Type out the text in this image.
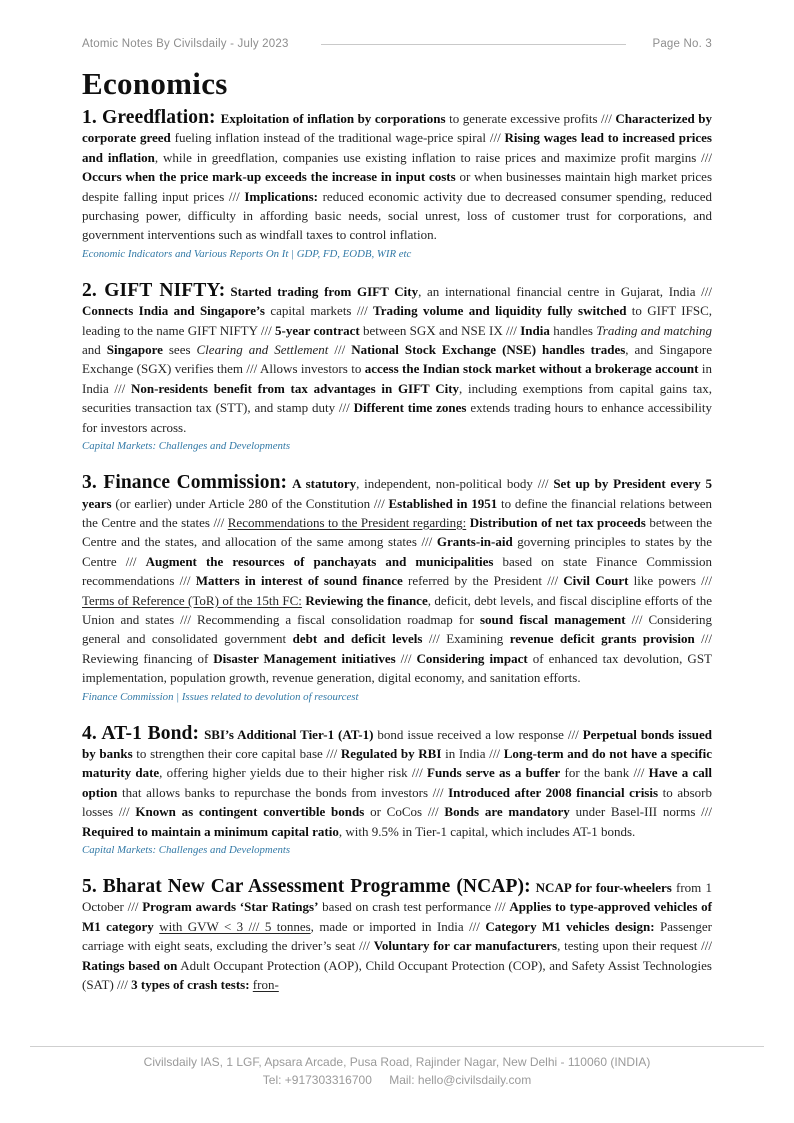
Atomic Notes By Civilsdaily - July 2023	Page No. 3
Economics

1. Greedflation: Exploitation of inflation by corporations to generate excessive profits /// Characterized by corporate greed fueling inflation instead of the traditional wage-price spiral /// Rising wages lead to increased prices and inflation, while in greedflation, companies use existing inflation to raise prices and maximize profit margins /// Occurs when the price mark-up exceeds the increase in input costs or when businesses maintain high market prices despite falling input prices /// Implications: reduced economic activity due to decreased consumer spending, reduced purchasing power, difficulty in affording basic needs, social unrest, loss of customer trust for corporations, and government interventions such as windfall taxes to control inflation.

Economic Indicators and Various Reports On It | GDP, FD, EODB, WIR etc

2. GIFT NIFTY: Started trading from GIFT City, an international financial centre in Gujarat, India /// Connects India and Singapore’s capital markets /// Trading volume and liquidity fully switched to GIFT IFSC, leading to the name GIFT NIFTY /// 5-year contract between SGX and NSE IX /// India handles Trading and matching and Singapore sees Clearing and Settlement /// National Stock Exchange (NSE) handles trades, and Singapore Exchange (SGX) verifies them /// Allows investors to access the Indian stock market without a brokerage account in India /// Non-residents benefit from tax advantages in GIFT City, including exemptions from capital gains tax, securities transaction tax (STT), and stamp duty /// Different time zones extends trading hours to enhance accessibility for investors across.

Capital Markets: Challenges and Developments

3. Finance Commission: A statutory, independent, non-political body /// Set up by President every 5 years (or earlier) under Article 280 of the Constitution /// Established in 1951 to define the financial relations between the Centre and the states /// Recommendations to the President regarding: Distribution of net tax proceeds between the Centre and the states, and allocation of the same among states /// Grants-in-aid governing principles to states by the Centre /// Augment the resources of panchayats and municipalities based on state Finance Commission recommendations /// Matters in interest of sound finance referred by the President /// Civil Court like powers /// Terms of Reference (ToR) of the 15th FC: Reviewing the finance, deficit, debt levels, and fiscal discipline efforts of the Union and states /// Recommending a fiscal consolidation roadmap for sound fiscal management /// Considering general and consolidated government debt and deficit levels /// Examining revenue deficit grants provision /// Reviewing financing of Disaster Management initiatives /// Considering impact of enhanced tax devolution, GST implementation, population growth, revenue generation, digital economy, and sanitation efforts.

Finance Commission | Issues related to devolution of resourcest

4. AT-1 Bond: SBI’s Additional Tier-1 (AT-1) bond issue received a low response /// Perpetual bonds issued by banks to strengthen their core capital base /// Regulated by RBI in India /// Long-term and do not have a specific maturity date, offering higher yields due to their higher risk /// Funds serve as a buffer for the bank /// Have a call option that allows banks to repurchase the bonds from investors /// Introduced after 2008 financial crisis to absorb losses /// Known as contingent convertible bonds or CoCos /// Bonds are mandatory under Basel-III norms /// Required to maintain a minimum capital ratio, with 9.5% in Tier-1 capital, which includes AT-1 bonds.

Capital Markets: Challenges and Developments

5. Bharat New Car Assessment Programme (NCAP): NCAP for four-wheelers from 1 October /// Program awards ‘Star Ratings’ based on crash test performance /// Applies to type-approved vehicles of M1 category with GVW < 3 /// 5 tonnes, made or imported in India /// Category M1 vehicles design: Passenger carriage with eight seats, excluding the driver’s seat /// Voluntary for car manufacturers, testing upon their request /// Ratings based on Adult Occupant Protection (AOP), Child Occupant Protection (COP), and Safety Assist Technologies (SAT) /// 3 types of crash tests: fron-

Civilsdaily IAS, 1 LGF, Apsara Arcade, Pusa Road, Rajinder Nagar, New Delhi - 110060 (INDIA)
Tel: +917303316700 Mail: hello@civilsdaily.com
